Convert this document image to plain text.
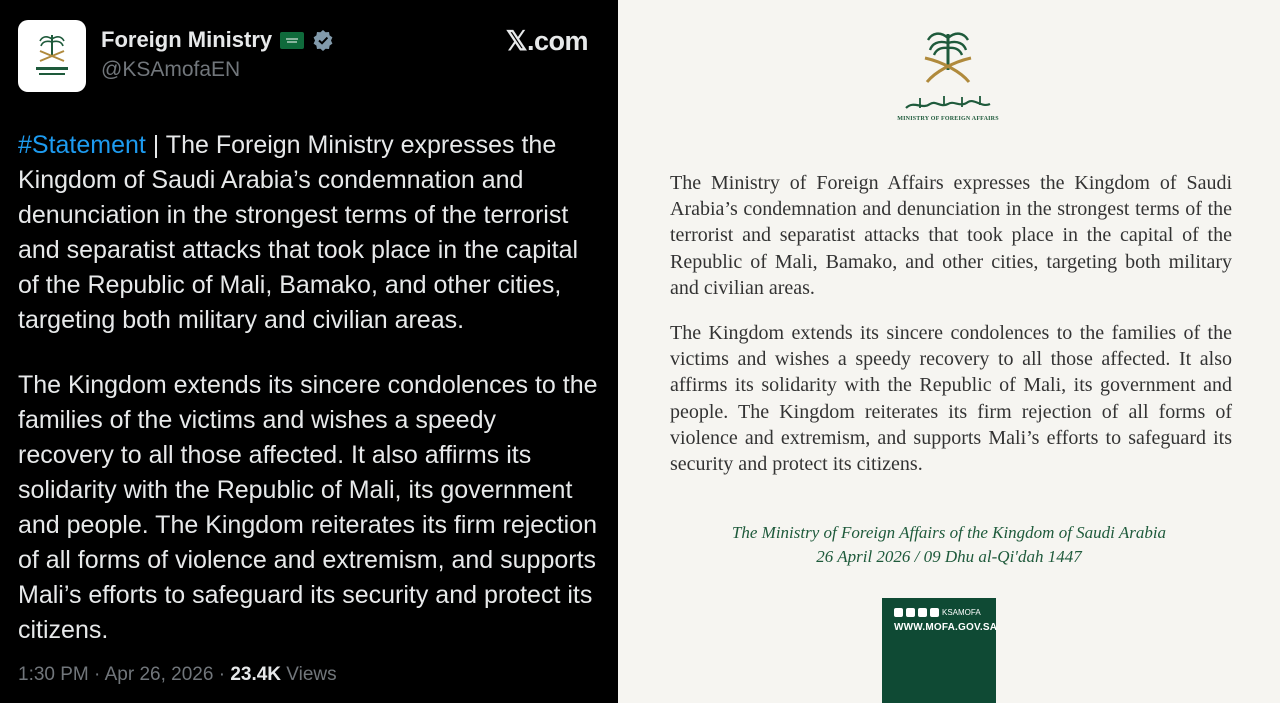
Foreign Ministry
@KSAmofaEN
𝕏.com

#Statement | The Foreign Ministry expresses the Kingdom of Saudi Arabia’s condemnation and denunciation in the strongest terms of the terrorist and separatist attacks that took place in the capital of the Republic of Mali, Bamako, and other cities, targeting both military and civilian areas.

The Kingdom extends its sincere condolences to the families of the victims and wishes a speedy recovery to all those affected. It also affirms its solidarity with the Republic of Mali, its government and people. The Kingdom reiterates its firm rejection of all forms of violence and extremism, and supports Mali’s efforts to safeguard its security and protect its citizens.

1:30 PM · Apr 26, 2026 · 23.4K Views
MINISTRY OF FOREIGN AFFAIRS
The Ministry of Foreign Affairs expresses the Kingdom of Saudi Arabia’s condemnation and denunciation in the strongest terms of the terrorist and separatist attacks that took place in the capital of the Republic of Mali, Bamako, and other cities, targeting both military and civilian areas.
The Kingdom extends its sincere condolences to the families of the victims and wishes a speedy recovery to all those affected. It also affirms its solidarity with the Republic of Mali, its government and people. The Kingdom reiterates its firm rejection of all forms of violence and extremism, and supports Mali’s efforts to safeguard its security and protect its citizens.
The Ministry of Foreign Affairs of the Kingdom of Saudi Arabia
26 April 2026 / 09 Dhu al-Qi'dah 1447
KSAMOFA
WWW.MOFA.GOV.SA
